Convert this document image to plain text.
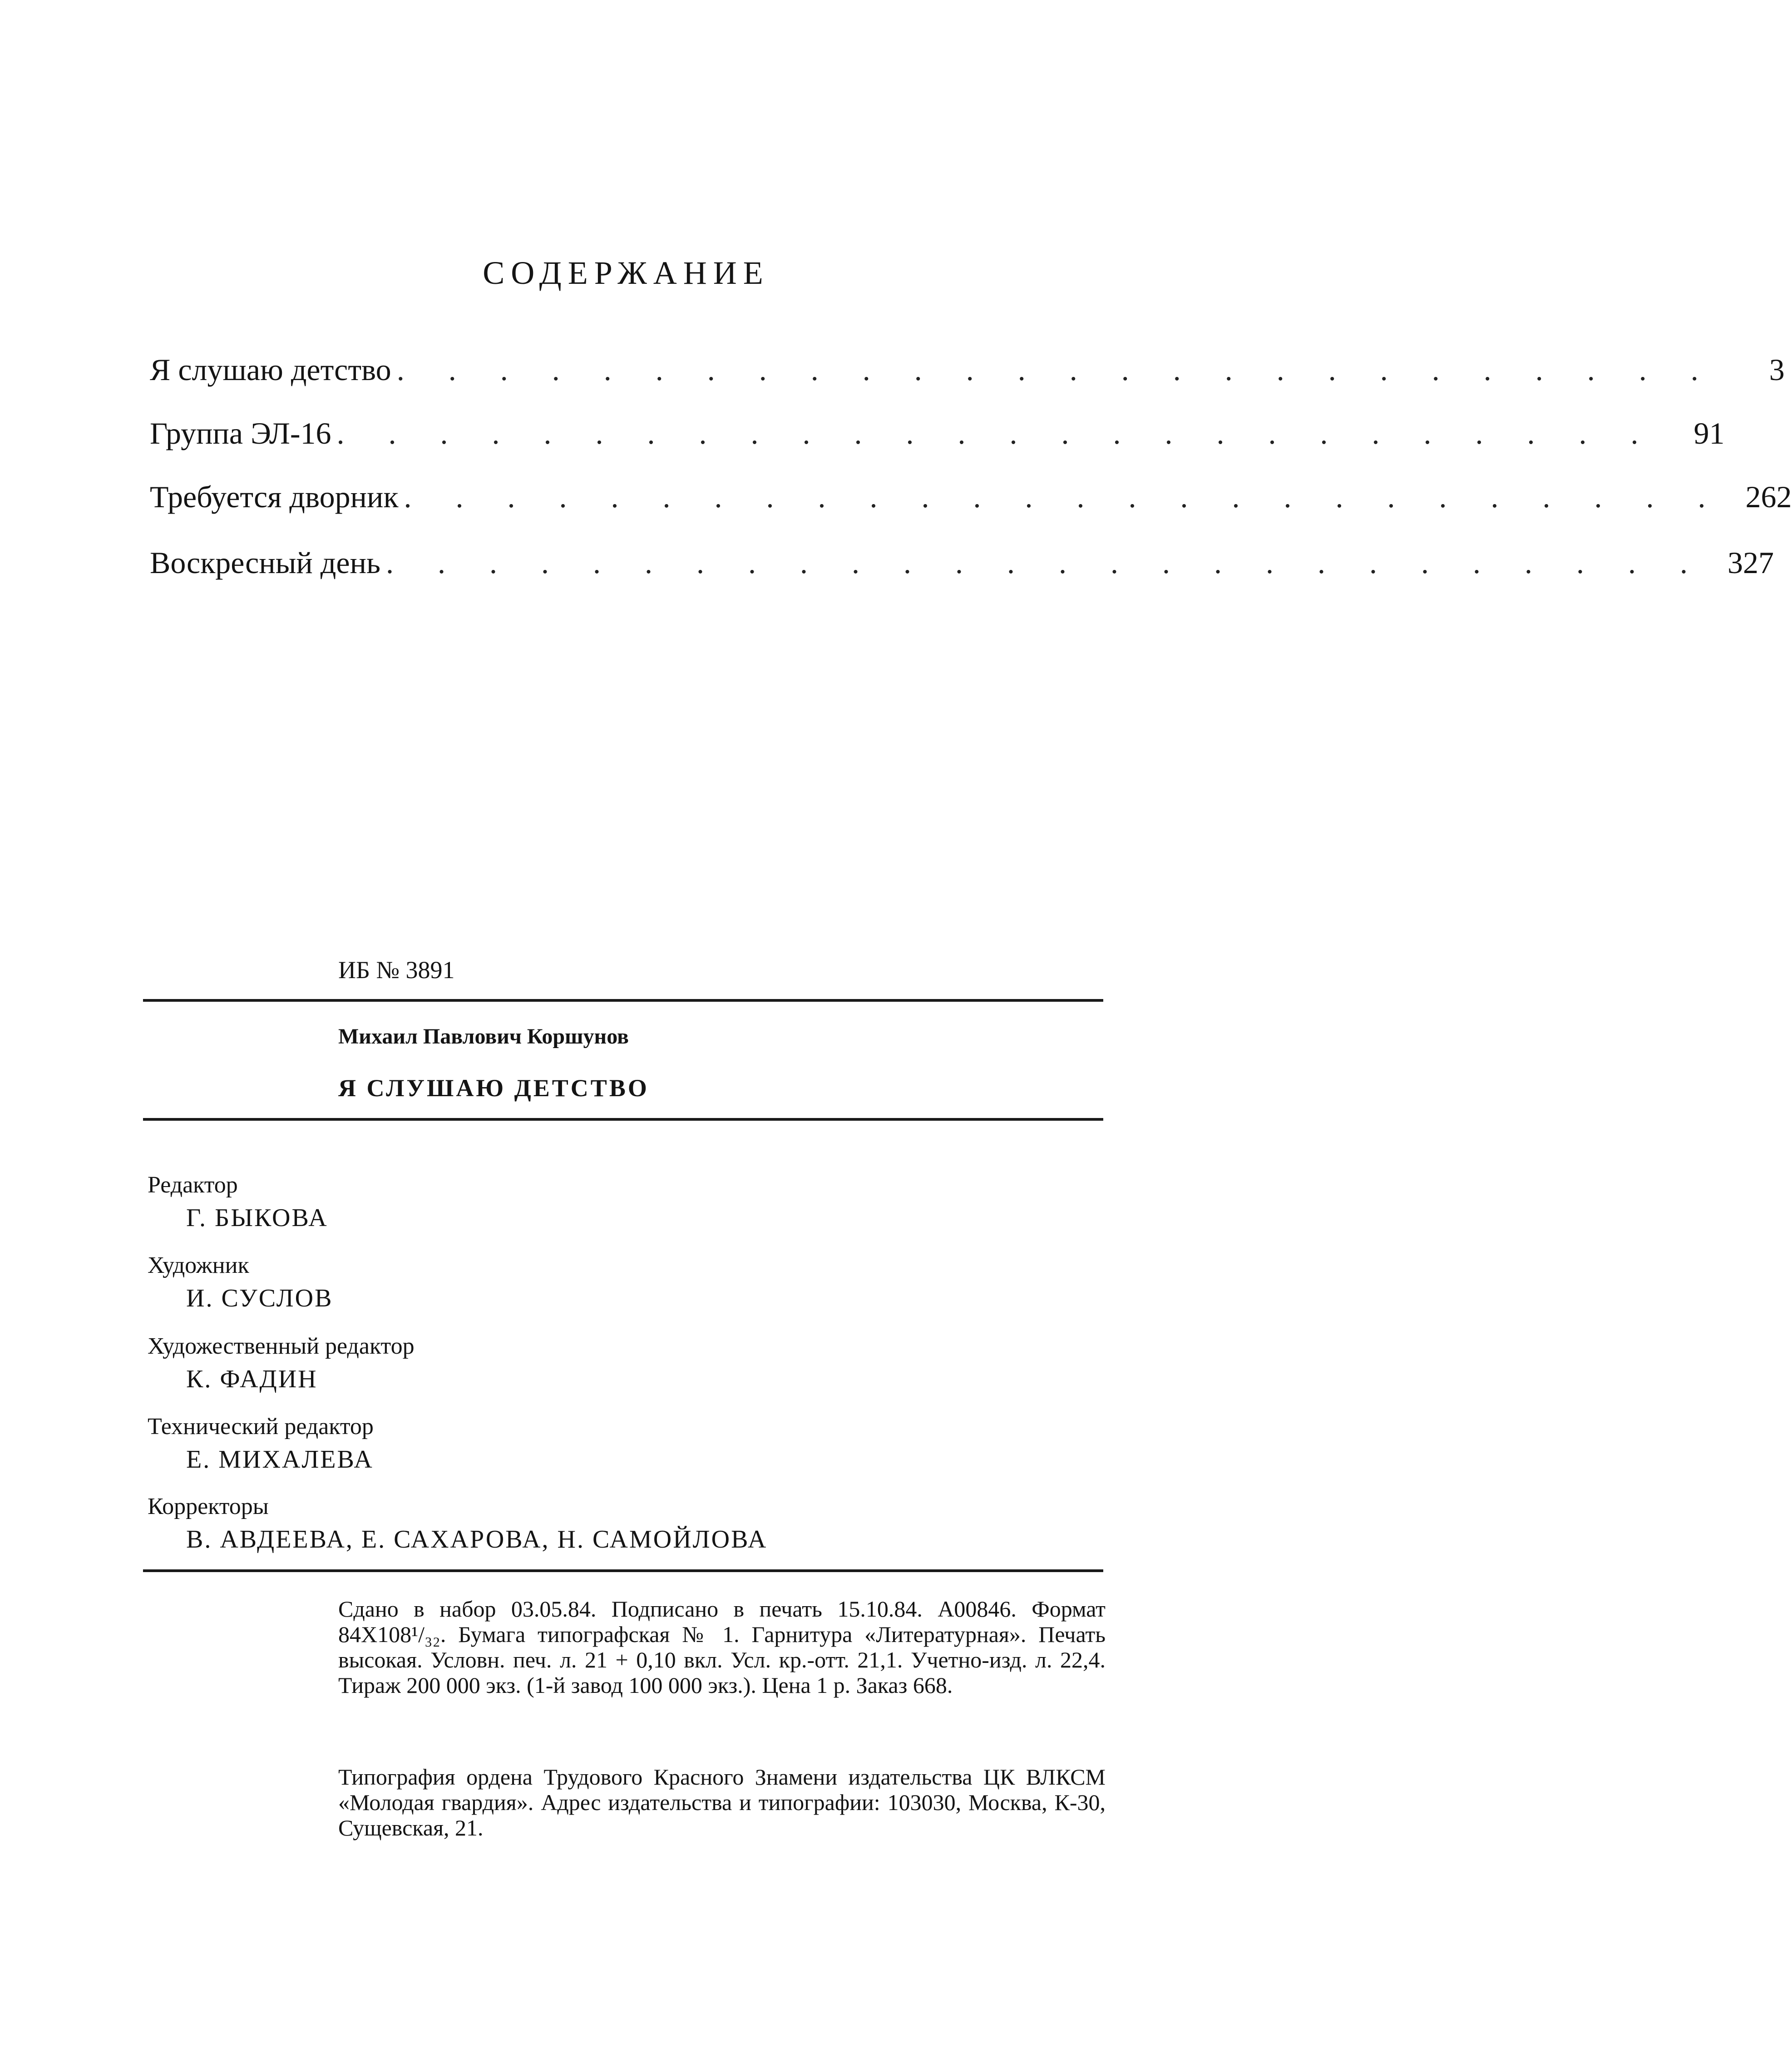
СОДЕРЖАНИЕ
Я слушаю детство . . . . . . . . . . . . . . . . . . . . . . . . . .	3
Группа ЭЛ-16 . . . . . . . . . . . . . . . . . . . . . . . . . .	91
Требуется дворник . . . . . . . . . . . . . . . . . . . . . . . . . . 262
Воскресный день . . . . . . . . . . . . . . . . . . . . . . . . . . 327
ИБ № 3891
Михаил Павлович Коршунов
Я СЛУШАЮ ДЕТСТВО
Редактор
Г. БЫКОВА
Художник
И. СУСЛОВ
Художественный редактор
К. ФАДИН
Технический редактор
Е. МИХАЛЕВА
Корректоры
В. АВДЕЕВА, Е. САХАРОВА, Н. САМОЙЛОВА
Сдано в набор 03.05.84. Подписано в печать 15.10.84. А00846. Формат 84X108¹/₃₂. Бумага типографская № 1. Гарнитура «Литературная». Печать высокая. Условн. печ. л. 21 + 0,10 вкл. Усл. кр.-отт. 21,1. Учетно-изд. л. 22,4. Тираж 200 000 экз. (1-й завод 100 000 экз.). Цена 1 р. Заказ 668.
Типография ордена Трудового Красного Знамени издательства ЦК ВЛКСМ «Молодая гвардия». Адрес издательства и типографии: 103030, Москва, К-30, Сущевская, 21.
